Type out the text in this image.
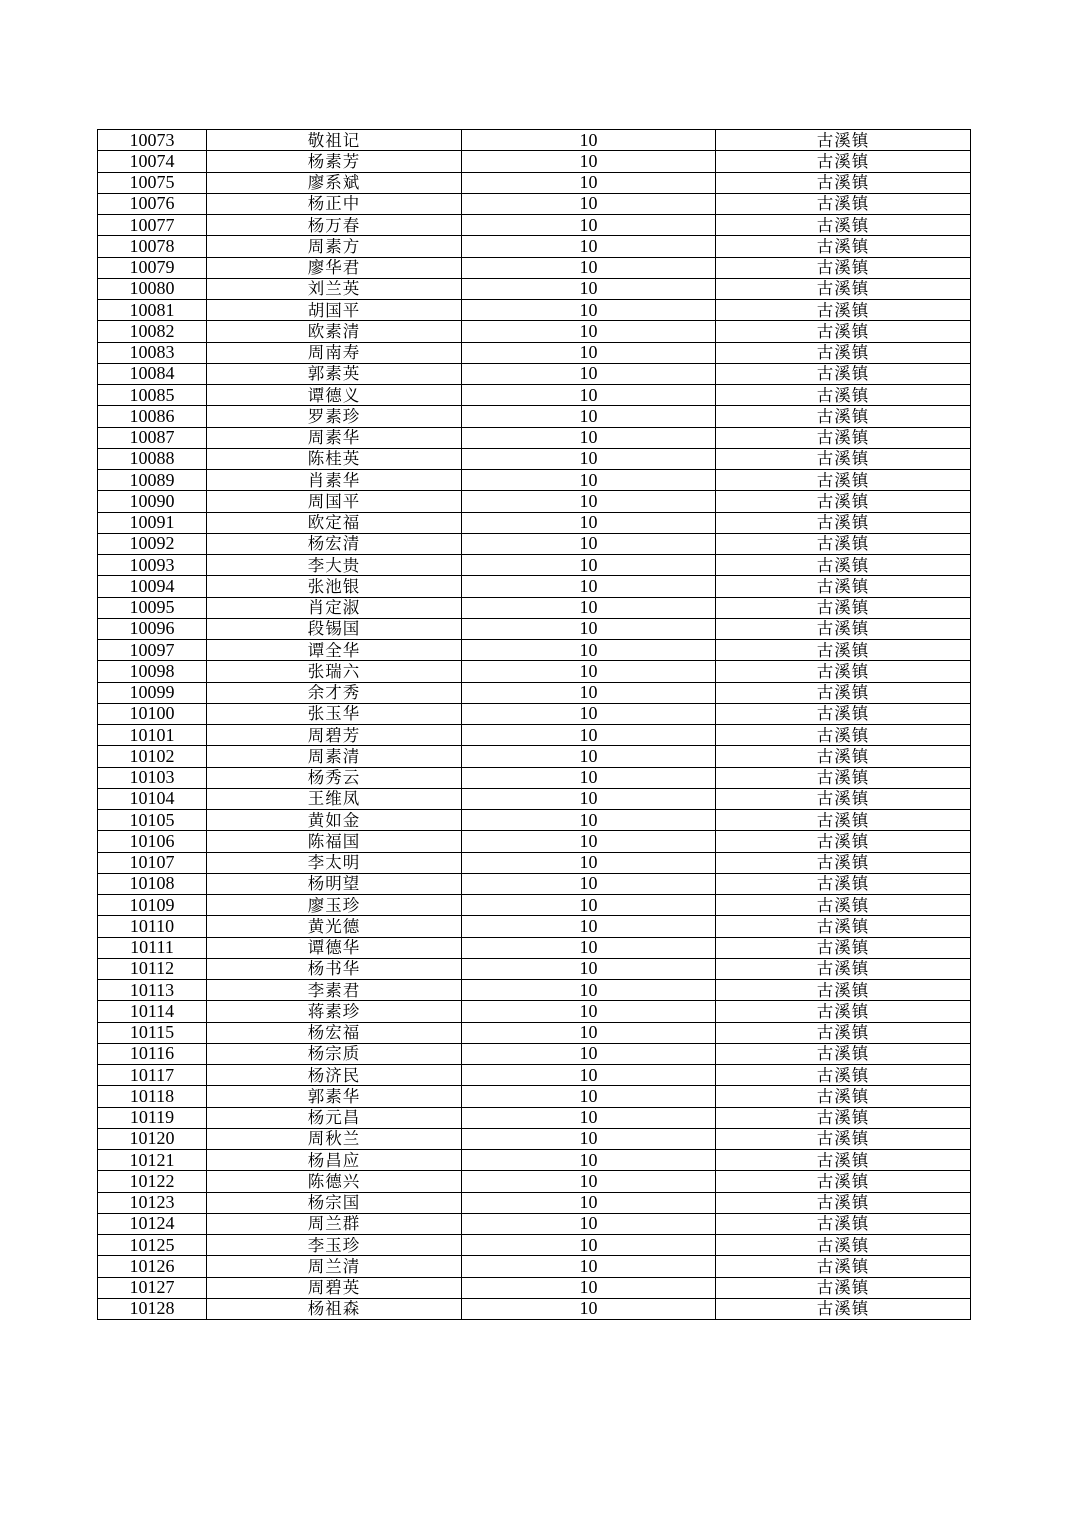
10073	敬祖记	10	古溪镇
10074	杨素芳	10	古溪镇
10075	廖系斌	10	古溪镇
10076	杨正中	10	古溪镇
10077	杨万春	10	古溪镇
10078	周素方	10	古溪镇
10079	廖华君	10	古溪镇
10080	刘兰英	10	古溪镇
10081	胡国平	10	古溪镇
10082	欧素清	10	古溪镇
10083	周南寿	10	古溪镇
10084	郭素英	10	古溪镇
10085	谭德义	10	古溪镇
10086	罗素珍	10	古溪镇
10087	周素华	10	古溪镇
10088	陈桂英	10	古溪镇
10089	肖素华	10	古溪镇
10090	周国平	10	古溪镇
10091	欧定福	10	古溪镇
10092	杨宏清	10	古溪镇
10093	李大贵	10	古溪镇
10094	张池银	10	古溪镇
10095	肖定淑	10	古溪镇
10096	段锡国	10	古溪镇
10097	谭全华	10	古溪镇
10098	张瑞六	10	古溪镇
10099	余才秀	10	古溪镇
10100	张玉华	10	古溪镇
10101	周碧芳	10	古溪镇
10102	周素清	10	古溪镇
10103	杨秀云	10	古溪镇
10104	王维凤	10	古溪镇
10105	黄如金	10	古溪镇
10106	陈福国	10	古溪镇
10107	李太明	10	古溪镇
10108	杨明望	10	古溪镇
10109	廖玉珍	10	古溪镇
10110	黄光德	10	古溪镇
10111	谭德华	10	古溪镇
10112	杨书华	10	古溪镇
10113	李素君	10	古溪镇
10114	蒋素珍	10	古溪镇
10115	杨宏福	10	古溪镇
10116	杨宗质	10	古溪镇
10117	杨济民	10	古溪镇
10118	郭素华	10	古溪镇
10119	杨元昌	10	古溪镇
10120	周秋兰	10	古溪镇
10121	杨昌应	10	古溪镇
10122	陈德兴	10	古溪镇
10123	杨宗国	10	古溪镇
10124	周兰群	10	古溪镇
10125	李玉珍	10	古溪镇
10126	周兰清	10	古溪镇
10127	周碧英	10	古溪镇
10128	杨祖森	10	古溪镇
